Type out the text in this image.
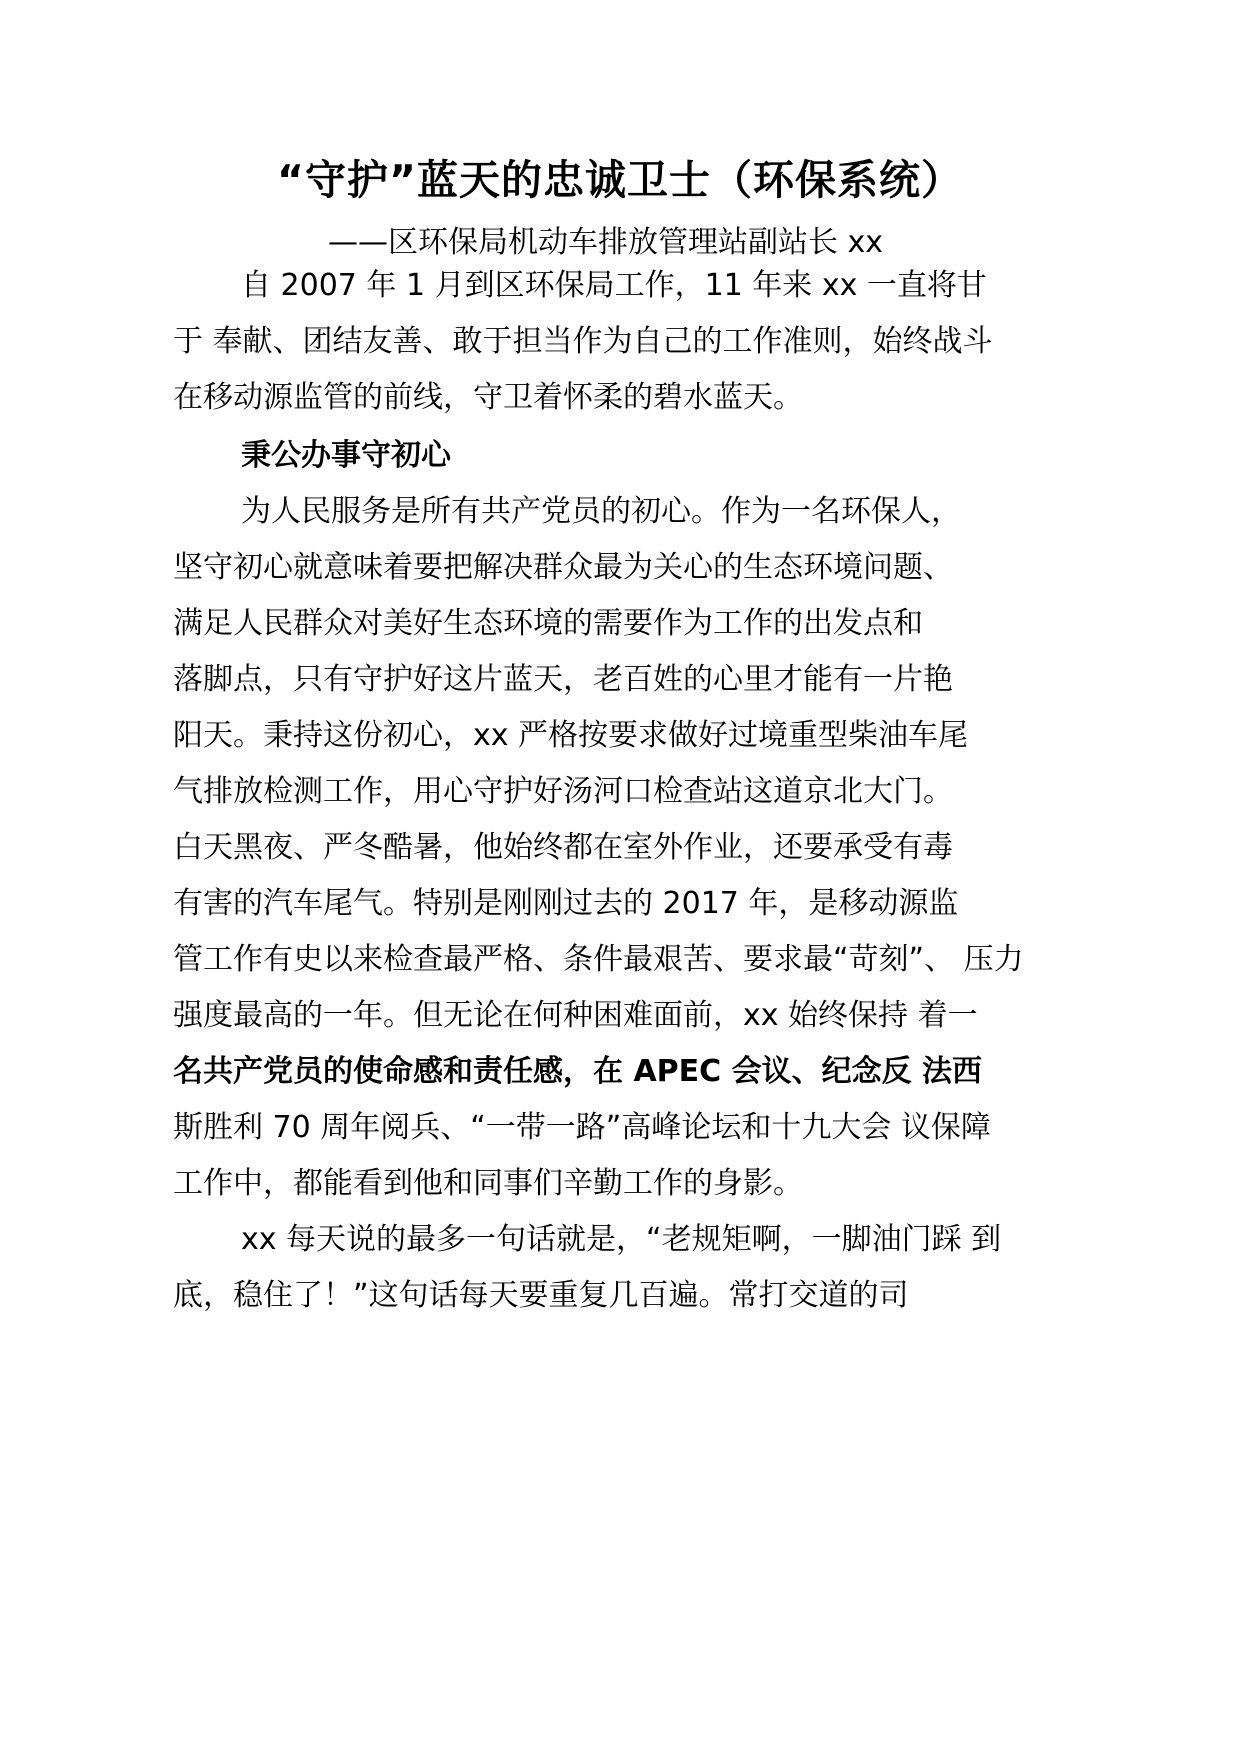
“守护”蓝天的忠诚卫士（环保系统）
——区环保局机动车排放管理站副站长 xx

自 2007 年 1 月到区环保局工作，11 年来 xx 一直将甘

于 奉献、团结友善、敢于担当作为自己的工作准则，始终战斗

在移动源监管的前线，守卫着怀柔的碧水蓝天。

秉公办事守初心

为人民服务是所有共产党员的初心。作为一名环保人，

坚守初心就意味着要把解决群众最为关心的生态环境问题、

满足人民群众对美好生态环境的需要作为工作的出发点和

落脚点，只有守护好这片蓝天，老百姓的心里才能有一片艳

阳天。秉持这份初心，xx 严格按要求做好过境重型柴油车尾

气排放检测工作，用心守护好汤河口检查站这道京北大门。

白天黑夜、严冬酷暑，他始终都在室外作业，还要承受有毒

有害的汽车尾气。特别是刚刚过去的 2017 年，是移动源监

管工作有史以来检查最严格、条件最艰苦、要求最“苛刻”、 压力

强度最高的一年。但无论在何种困难面前，xx 始终保持 着一

名共产党员的使命感和责任感，在 APEC 会议、纪念反 法西

斯胜利 70 周年阅兵、“一带一路”高峰论坛和十九大会 议保障

工作中，都能看到他和同事们辛勤工作的身影。

xx 每天说的最多一句话就是，“老规矩啊，一脚油门踩 到

底，稳住了！”这句话每天要重复几百遍。常打交道的司
